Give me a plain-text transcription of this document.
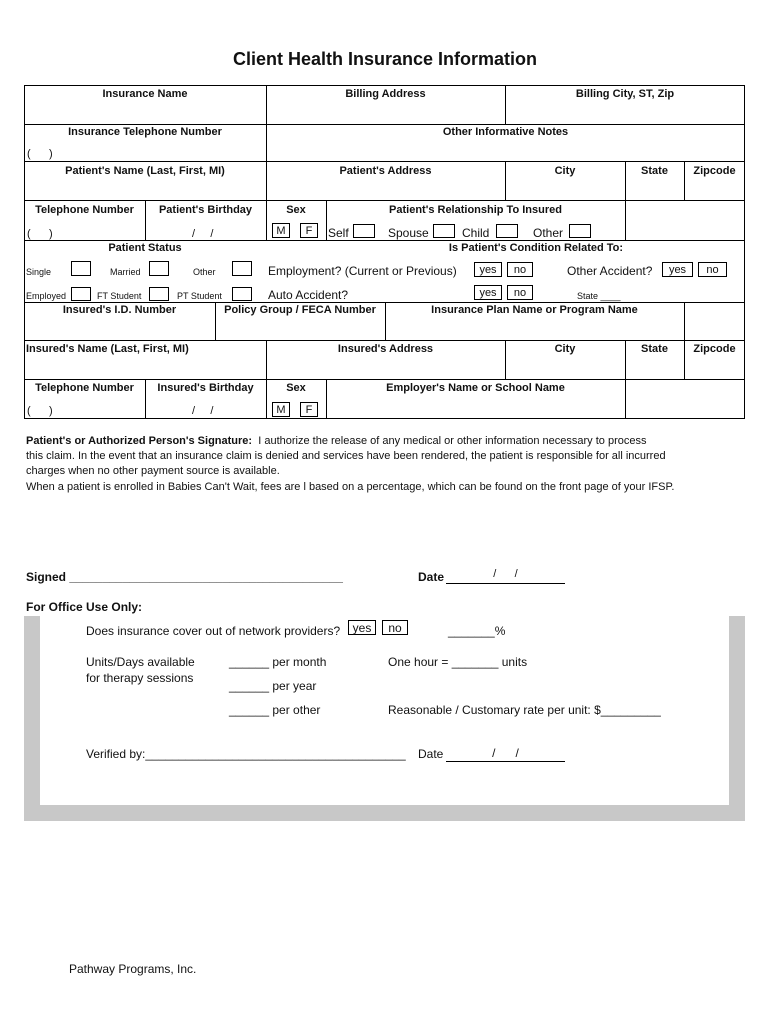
Client Health Insurance Information
Insurance Name	Billing Address	Billing City, ST, Zip
Insurance Telephone Number	Other Informative Notes
(      )
Patient's Name (Last, First, MI)	Patient's Address	City	State	Zipcode
Telephone Number	Patient's Birthday	Sex	Patient's Relationship To Insured
(      )	/     /	M	F	Self	Spouse	Child	Other
Patient Status	Is Patient's Condition Related To:
Single	Married	Other
Employed	FT Student	PT Student
Employment? (Current or Previous)	yes	no	Other Accident?	yes	no
Auto Accident?	yes	no	State ____
Insured's I.D. Number	Policy Group / FECA Number	Insurance Plan Name or Program Name
Insured's Name (Last, First, MI)	Insured's Address	City	State	Zipcode
Telephone Number	Insured's Birthday	Sex	Employer's Name or School Name
(      )	/     /	M	F
Patient's or Authorized Person's Signature: I authorize the release of any medical or other information necessary to process
this claim. In the event that an insurance claim is denied and services have been rendered, the patient is responsible for all incurred
charges when no other payment source is available.
When a patient is enrolled in Babies Can't Wait, fees are l based on a percentage, which can be found on the front page of your IFSP.
Signed _________________________________________	Date	/      /
For Office Use Only:
Does insurance cover out of network providers?	yes	no	_______%
Units/Days available
for therapy sessions
______ per month
______ per year
______ per other
One hour = _______ units
Reasonable / Customary rate per unit: $_________
Verified by:_______________________________________ Date	/      /
Pathway Programs, Inc.
